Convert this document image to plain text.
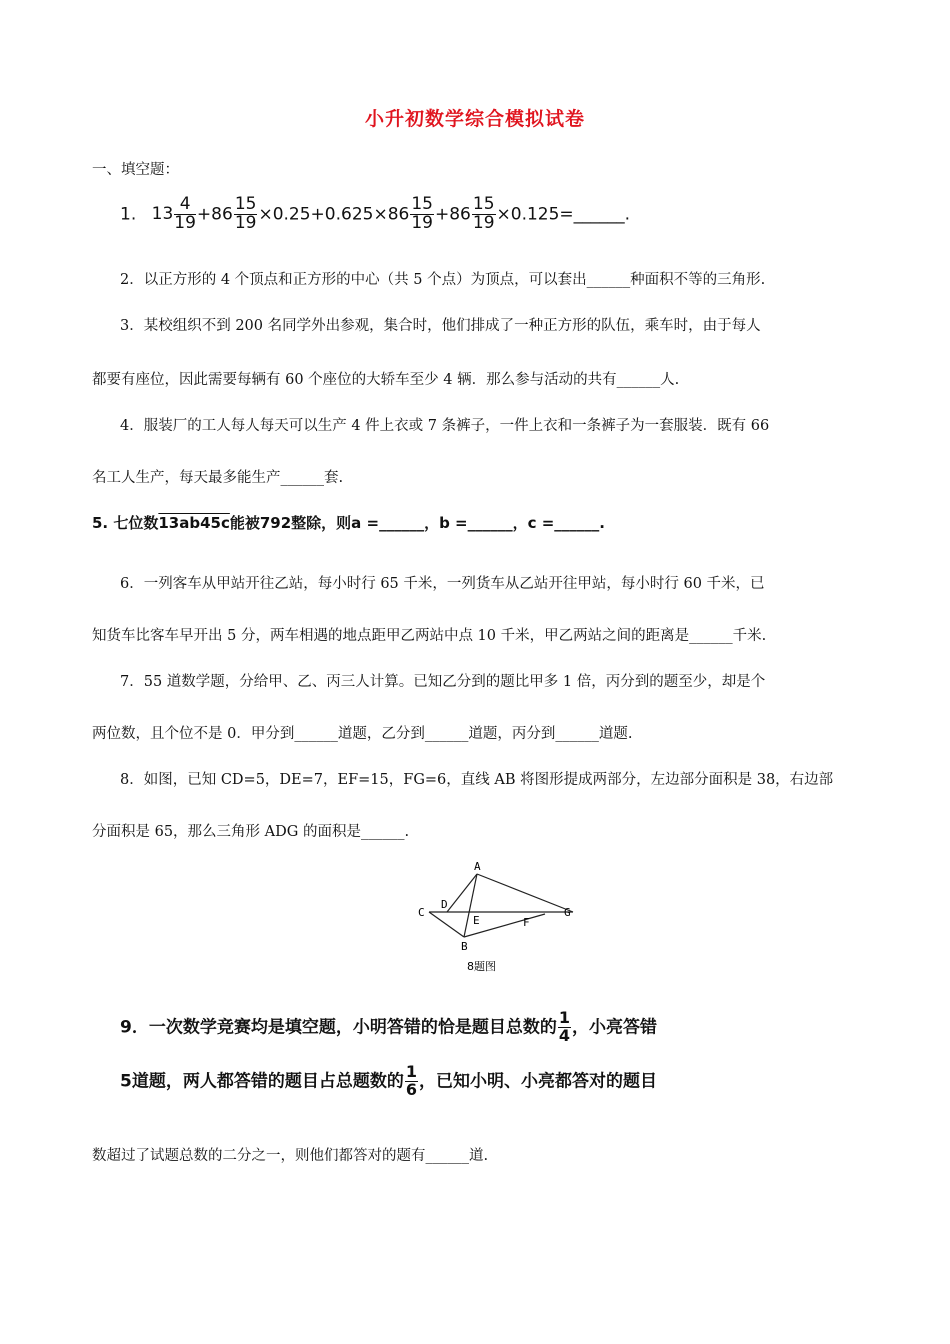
小升初数学综合模拟试卷
一、填空题：
1. $13 \frac{4}{19} +86 \frac{15}{19} \times 0.25+0.625\times 86 \frac{15}{19} +86 \frac{15}{19}$ ×0.125=______.
2．以正方形的 4 个顶点和正方形的中心（共 5 个点）为顶点，可以套出______种面积不等的三角形.
3．某校组织不到 200 名同学外出参观，集合时，他们排成了一种正方形的队伍，乘车时，由于每人
都要有座位，因此需要每辆有 60 个座位的大轿车至少 4 辆．那么参与活动的共有______人.
4．服装厂的工人每人每天可以生产 4 件上衣或 7 条裤子，一件上衣和一条裤子为一套服装．既有 66
名工人生产，每天最多能生产______套.
5. 七位数13ab45c能被792整除，则a =______，b =______，c =______.
6．一列客车从甲站开往乙站，每小时行 65 千米，一列货车从乙站开往甲站，每小时行 60 千米，已
知货车比客车早开出 5 分，两车相遇的地点距甲乙两站中点 10 千米，甲乙两站之间的距离是______千米.
7．55 道数学题，分给甲、乙、丙三人计算。已知乙分到的题比甲多 1 倍，丙分到的题至少，却是个
两位数，且个位不是 0．甲分到______道题，乙分到______道题，丙分到______道题.
8．如图，已知 CD=5，DE=7，EF=15，FG=6，直线 AB 将图形提成两部分，左边部分面积是 38，右边部
分面积是 65，那么三角形 ADG 的面积是______.
A
B
C
D
E	F
G
8题图
9．一次数学竞赛均是填空题，小明答错的恰是题目总数的 $\frac{1}{4}$ ，小亮答错
5道题，两人都答错的题目占总题数的 $\frac{1}{6}$ ，已知小明、小亮都答对的题目
数超过了试题总数的二分之一，则他们都答对的题有______道.
